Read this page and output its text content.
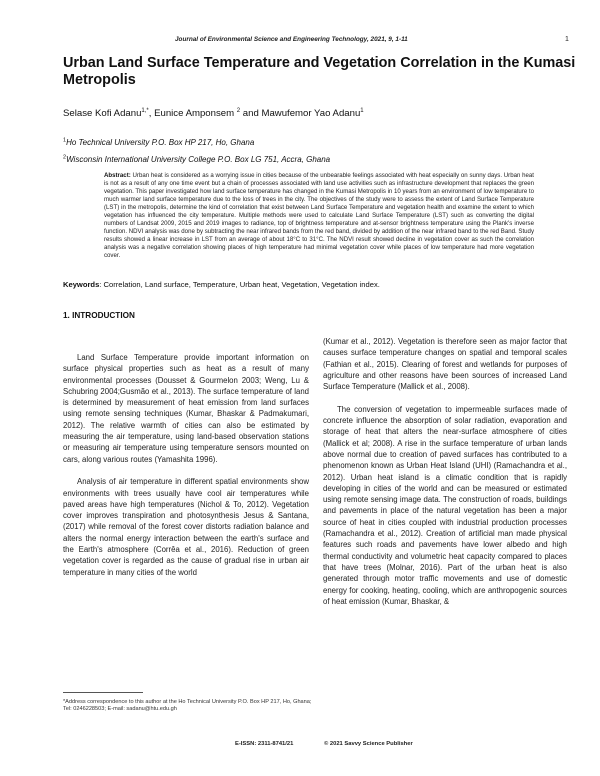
Journal of Environmental Science and Engineering Technology, 2021, 9, 1-11	1
Urban Land Surface Temperature and Vegetation Correlation in the Kumasi Metropolis
Selase Kofi Adanu$^{1,*}$, Eunice Amponsem $^2$ and Mawufemor Yao Adanu$^1$
$^1$Ho Technical University P.O. Box HP 217, Ho, Ghana
$^2$Wisconsin International University College P.O. Box LG 751, Accra, Ghana
Abstract: Urban heat is considered as a worrying issue in cities because of the unbearable feelings associated with heat especially on sunny days. Urban heat is not as a result of any one time event but a chain of processes associated with land use activities such as infrastructure development that replaces the green vegetation. This paper investigated how land surface temperature has changed in the Kumasi Metropolis in 10 years from an environment of low temperature to much warmer land surface temperature due to the loss of trees in the city. The objectives of the study were to assess the extent of Land Surface Temperature (LST) in the metropolis, determine the kind of correlation that exist between Land Surface Temperature and vegetation health and examine the extent to which vegetation has influenced the city temperature. Multiple methods were used to calculate Land Surface Temperature (LST) such as converting the digital numbers of Landsat 2009, 2015 and 2019 images to radiance, top of brightness temperature and at-sensor brightness temperature using the Plank's inverse function. NDVI analysis was done by subtracting the near infrared bands from the red band, divided by addition of the near infrared band to the red Band. Study results showed a linear increase in LST from an average of about 18°C to 31°C. The NDVI result showed decline in vegetation cover as such the correlation analysis was a negative correlation showing places of high temperature had minimal vegetation cover while places of low temperature had more vegetation cover.
Keywords: Correlation, Land surface, Temperature, Urban heat, Vegetation, Vegetation index.
1. INTRODUCTION

Land Surface Temperature provide important information on surface physical properties such as heat as a result of many environmental processes (Dousset & Gourmelon 2003; Weng, Lu & Schubring 2004;Gusmão et al., 2013). The surface temperature of land is determined by measurement of heat emission from land surfaces using remote sensing techniques (Kumar, Bhaskar & Padmakumari, 2012). The relative warmth of cities can also be estimated by measuring the air temperature, using land-based observation stations or measuring air temperature using temperature sensors mounted on cars, along various routes (Yamashita 1996).

Analysis of air temperature in different spatial environments show environments with trees usually have cool air temperatures while paved areas have high temperatures (Nichol & To, 2012). Vegetation cover improves transpiration and photosynthesis Jesus & Santana, (2017) while removal of the forest cover distorts radiation balance and alters the normal energy interaction between the earth's surface and the Earth's atmosphere (Corrêa et al., 2016). Reduction of green vegetation cover is regarded as the cause of gradual rise in urban air temperature in many cities of the world

(Kumar et al., 2012). Vegetation is therefore seen as major factor that causes surface temperature changes on spatial and temporal scales (Fathian et al., 2015). Clearing of forest and wetlands for purposes of agriculture and other reasons have been sources of increased Land Surface Temperature (Mallick et al., 2008).

The conversion of vegetation to impermeable surfaces made of concrete influence the absorption of solar radiation, evaporation and storage of heat that alters the near-surface atmosphere of cities (Mallick et al; 2008). A rise in the surface temperature of urban lands above normal due to creation of paved surfaces has contributed to a phenomenon known as Urban Heat Island (UHI) (Ramachandra et al., 2012). Urban heat island is a climatic condition that is rapidly developing in cities of the world and can be measured or estimated using remote sensing image data. The construction of roads, buildings and pavements in place of the natural vegetation has been a major source of heat in cities coupled with industrial production processes (Ramachandra et al., 2012). Creation of artificial man made physical features such roads and pavements have lower albedo and high thermal conductivity and volumetric heat capacity compared to places that have trees (Molnar, 2016). Part of the urban heat is also generated through motor traffic movements and use of domestic energy for cooking, heating, cooling, which are anthropogenic sources of heat emission (Kumar, Bhaskar, &

*Address correspondence to this author at the Ho Technical University P.O. Box HP 217, Ho, Ghana; Tel: 0246228503; E-mail: sadanu@htu.edu.gh
E-ISSN: 2311-8741/21	© 2021 Savvy Science Publisher
